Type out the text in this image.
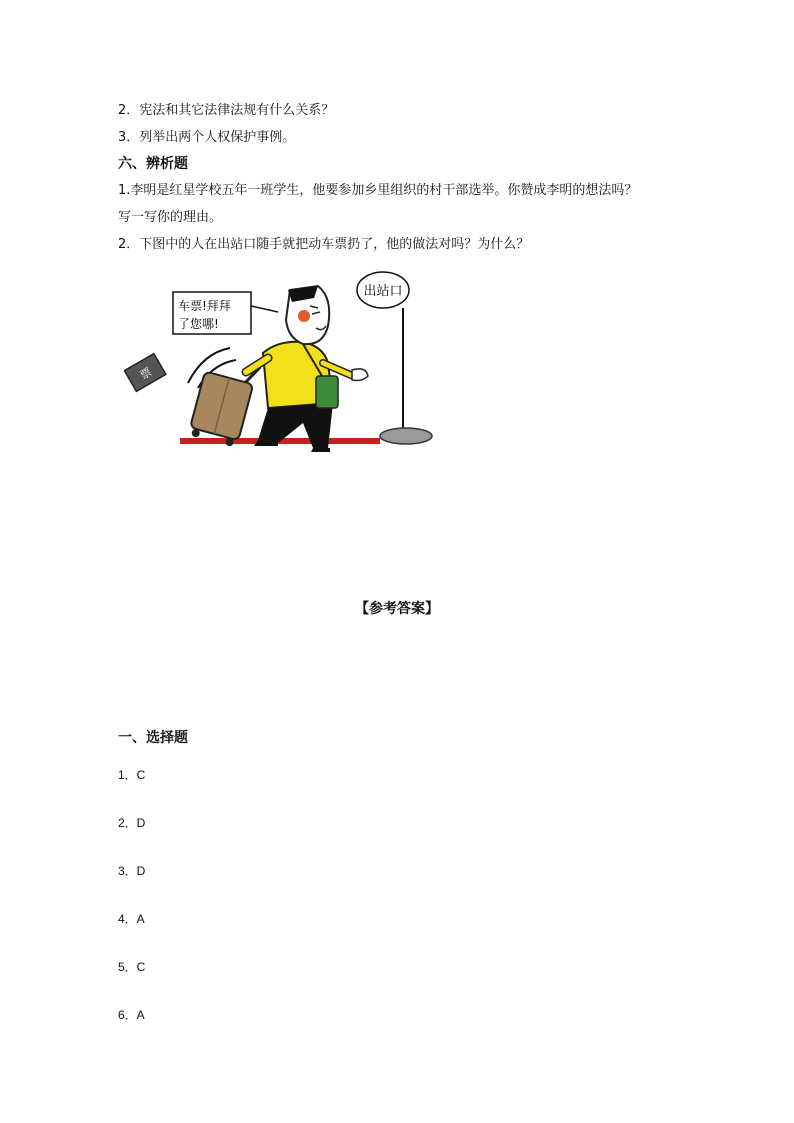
2．宪法和其它法律法规有什么关系？
3．列举出两个人权保护事例。
六、辨析题
1.李明是红星学校五年一班学生，他要参加乡里组织的村干部选举。你赞成李明的想法吗？
写一写你的理由。
2．下图中的人在出站口随手就把动车票扔了，他的做法对吗？为什么？
票
车票!拜拜
了您哪!
出站口
【参考答案】
一、选择题
1．C
2．D
3．D
4．A
5．C
6．A
